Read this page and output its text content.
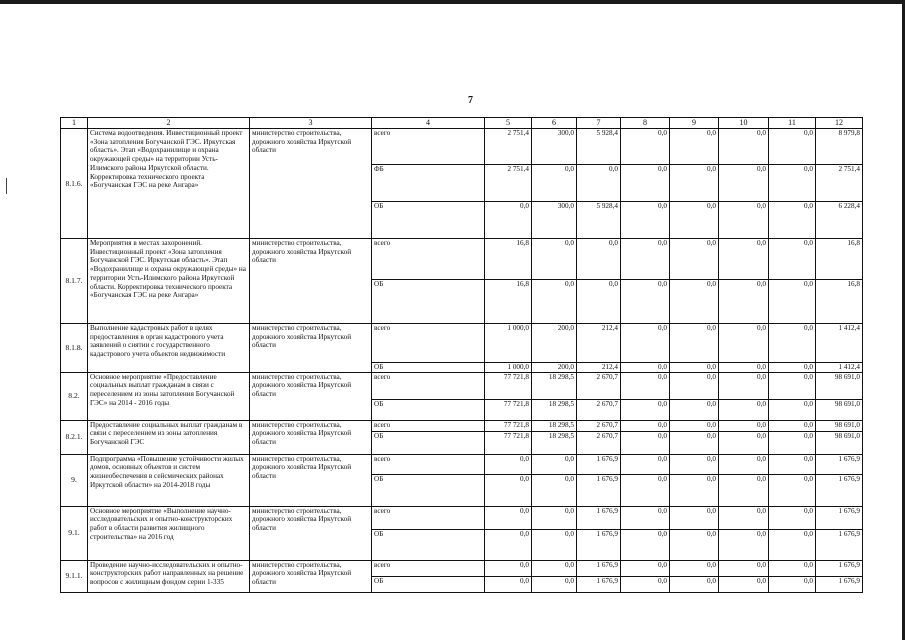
7
1	2	3	4	5	6	7	8	9	10	11	12
8.1.6.	Система водоотведения. Инвестиционный проект «Зона затопления Богучанской ГЭС. Иркутская область». Этап «Водохранилище и охрана окружающей среды» на территории Усть-Илимского района Иркутской области. Корректировка технического проекта «Богучанская ГЭС на реке Ангара»	министерство строительства, дорожного хозяйства Иркутской области	всего	2 751,4	300,0	5 928,4	0,0	0,0	0,0	0,0	8 979,8
			ФБ	2 751,4	0,0	0,0	0,0	0,0	0,0	0,0	2 751,4
			ОБ	0,0	300,0	5 928,4	0,0	0,0	0,0	0,0	6 228,4
8.1.7.	Мероприятия в местах захоронений. Инвестиционный проект «Зона затопления Богучанской ГЭС. Иркутская область». Этап «Водохранилище и охрана окружающей среды» на территории Усть-Илимского района Иркутской области. Корректировка технического проекта «Богучанская ГЭС на реке Ангара»	министерство строительства, дорожного хозяйства Иркутской области	всего	16,8	0,0	0,0	0,0	0,0	0,0	0,0	16,8
			ОБ	16,8	0,0	0,0	0,0	0,0	0,0	0,0	16,8
8.1.8.	Выполнение кадастровых работ в целях предоставления в орган кадастрового учета заявлений о снятии с государственного кадастрового учета объектов недвижимости	министерство строительства, дорожного хозяйства Иркутской области	всего	1 000,0	200,0	212,4	0,0	0,0	0,0	0,0	1 412,4
			ОБ	1 000,0	200,0	212,4	0,0	0,0	0,0	0,0	1 412,4
8.2.	Основное мероприятие «Предоставление социальных выплат гражданам в связи с переселением из зоны затопления Богучанской ГЭС» на 2014 - 2016 годы	министерство строительства, дорожного хозяйства Иркутской области	всего	77 721,8	18 298,5	2 670,7	0,0	0,0	0,0	0,0	98 691,0
			ОБ	77 721,8	18 298,5	2 670,7	0,0	0,0	0,0	0,0	98 691,0
8.2.1.	Предоставление социальных выплат гражданам в связи с переселением из зоны затопления Богучанской ГЭС	министерство строительства, дорожного хозяйства Иркутской области	всего	77 721,8	18 298,5	2 670,7	0,0	0,0	0,0	0,0	98 691,0
			ОБ	77 721,8	18 298,5	2 670,7	0,0	0,0	0,0	0,0	98 691,0
9.	Подпрограмма «Повышение устойчивости жилых домов, основных объектов и систем жизнеобеспечения в сейсмических районах Иркутской области» на 2014-2018 годы	министерство строительства, дорожного хозяйства Иркутской области	всего	0,0	0,0	1 676,9	0,0	0,0	0,0	0,0	1 676,9
			ОБ	0,0	0,0	1 676,9	0,0	0,0	0,0	0,0	1 676,9
9.1.	Основное мероприятие «Выполнение научно-исследовательских и опытно-конструкторских работ в области развития жилищного строительства» на 2016 год	министерство строительства, дорожного хозяйства Иркутской области	всего	0,0	0,0	1 676,9	0,0	0,0	0,0	0,0	1 676,9
			ОБ	0,0	0,0	1 676,9	0,0	0,0	0,0	0,0	1 676,9
9.1.1.	Проведение научно-исследовательских и опытно-конструкторских работ направленных на решение вопросов с жилищным фондом серии 1-335	министерство строительства, дорожного хозяйства Иркутской области	всего	0,0	0,0	1 676,9	0,0	0,0	0,0	0,0	1 676,9
			ОБ	0,0	0,0	1 676,9	0,0	0,0	0,0	0,0	1 676,9
